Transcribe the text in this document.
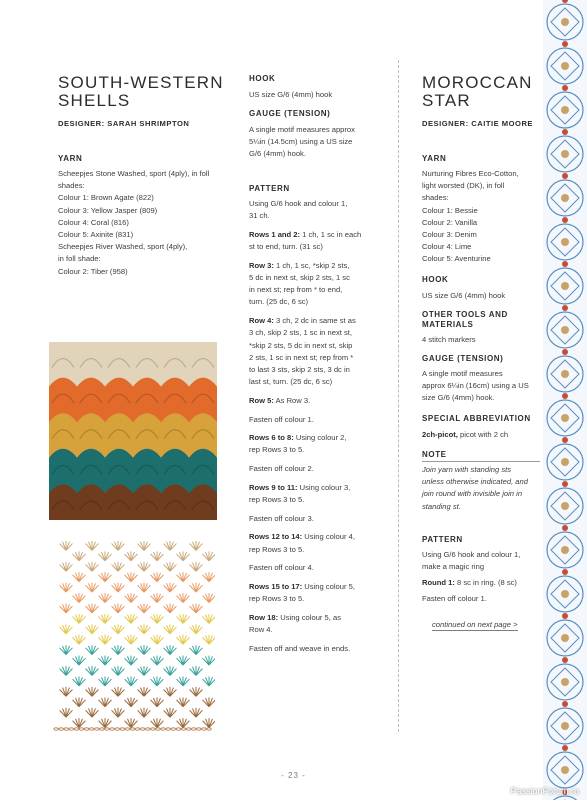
SOUTH-WESTERN
SHELLS
DESIGNER: SARAH SHRIMPTON
YARN
Scheepjes Stone Washed, sport (4ply), in foll
shades:
Colour 1: Brown Agate (822)
Colour 3: Yellow Jasper (809)
Colour 4: Coral (816)
Colour 5: Axinite (831)
Scheepjes River Washed, sport (4ply),
in foll shade:
Colour 2: Tiber (958)
HOOK
US size G/6 (4mm) hook
GAUGE (TENSION)
A single motif measures approx
5¼in (14.5cm) using a US size
G/6 (4mm) hook.
PATTERN
Using G/6 hook and colour 1,
31 ch.
Rows 1 and 2: 1 ch, 1 sc in each
st to end, turn. (31 sc)
Row 3: 1 ch, 1 sc, *skip 2 sts,
5 dc in next st, skip 2 sts, 1 sc
in next st; rep from * to end,
turn. (25 dc, 6 sc)
Row 4: 3 ch, 2 dc in same st as
3 ch, skip 2 sts, 1 sc in next st,
*skip 2 sts, 5 dc in next st, skip
2 sts, 1 sc in next st; rep from *
to last 3 sts, skip 2 sts, 3 dc in
last st, turn. (25 dc, 6 sc)
Row 5: As Row 3.
Fasten off colour 1.
Rows 6 to 8: Using colour 2,
rep Rows 3 to 5.
Fasten off colour 2.
Rows 9 to 11: Using colour 3,
rep Rows 3 to 5.
Fasten off colour 3.
Rows 12 to 14: Using colour 4,
rep Rows 3 to 5.
Fasten off colour 4.
Rows 15 to 17: Using colour 5,
rep Rows 3 to 5.
Row 18: Using colour 5, as
Row 4.
Fasten off and weave in ends.
MOROCCAN
STAR
DESIGNER: CAITIE MOORE
YARN
Nurturing Fibres Eco-Cotton,
light worsted (DK), in foll
shades:
Colour 1: Bessie
Colour 2: Vanilla
Colour 3: Denim
Colour 4: Lime
Colour 5: Aventurine
HOOK
US size G/6 (4mm) hook
OTHER TOOLS AND
MATERIALS
4 stitch markers
GAUGE (TENSION)
A single motif measures
approx 6¼in (16cm) using a US
size G/6 (4mm) hook.
SPECIAL ABBREVIATION
2ch-picot, picot with 2 ch
NOTE
Join yarn with standing sts
unless otherwise indicated, and
join round with invisible join in
standing st.
PATTERN
Using G/6 hook and colour 1,
make a magic ring
Round 1: 8 sc in ring. (8 sc)
Fasten off colour 1.
continued on next page >
- 23 -
PassionForum.ru
